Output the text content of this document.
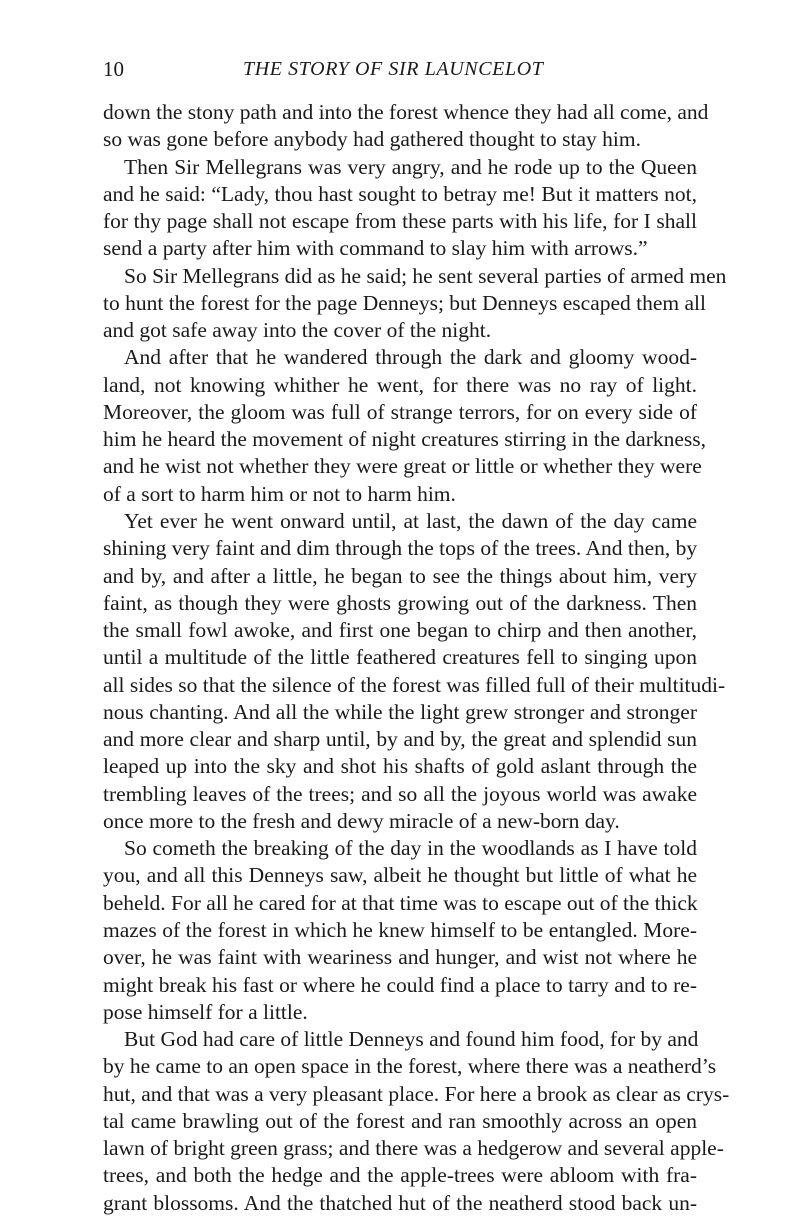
10	THE STORY OF SIR LAUNCELOT
down the stony path and into the forest whence they had all come, and
so was gone before anybody had gathered thought to stay him.
Then Sir Mellegrans was very angry, and he rode up to the Queen
and he said: “Lady, thou hast sought to betray me! But it matters not,
for thy page shall not escape from these parts with his life, for I shall
send a party after him with command to slay him with arrows.”
So Sir Mellegrans did as he said; he sent several parties of armed men
to hunt the forest for the page Denneys; but Denneys escaped them all
and got safe away into the cover of the night.
And after that he wandered through the dark and gloomy wood-
land, not knowing whither he went, for there was no ray of light.
Moreover, the gloom was full of strange terrors, for on every side of
him he heard the movement of night creatures stirring in the darkness,
and he wist not whether they were great or little or whether they were
of a sort to harm him or not to harm him.
Yet ever he went onward until, at last, the dawn of the day came
shining very faint and dim through the tops of the trees. And then, by
and by, and after a little, he began to see the things about him, very
faint, as though they were ghosts growing out of the darkness. Then
the small fowl awoke, and first one began to chirp and then another,
until a multitude of the little feathered creatures fell to singing upon
all sides so that the silence of the forest was filled full of their multitudi-
nous chanting. And all the while the light grew stronger and stronger
and more clear and sharp until, by and by, the great and splendid sun
leaped up into the sky and shot his shafts of gold aslant through the
trembling leaves of the trees; and so all the joyous world was awake
once more to the fresh and dewy miracle of a new-born day.
So cometh the breaking of the day in the woodlands as I have told
you, and all this Denneys saw, albeit he thought but little of what he
beheld. For all he cared for at that time was to escape out of the thick
mazes of the forest in which he knew himself to be entangled. More-
over, he was faint with weariness and hunger, and wist not where he
might break his fast or where he could find a place to tarry and to re-
pose himself for a little.
But God had care of little Denneys and found him food, for by and
by he came to an open space in the forest, where there was a neatherd’s
hut, and that was a very pleasant place. For here a brook as clear as crys-
tal came brawling out of the forest and ran smoothly across an open
lawn of bright green grass; and there was a hedgerow and several apple-
trees, and both the hedge and the apple-trees were abloom with fra-
grant blossoms. And the thatched hut of the neatherd stood back un-
